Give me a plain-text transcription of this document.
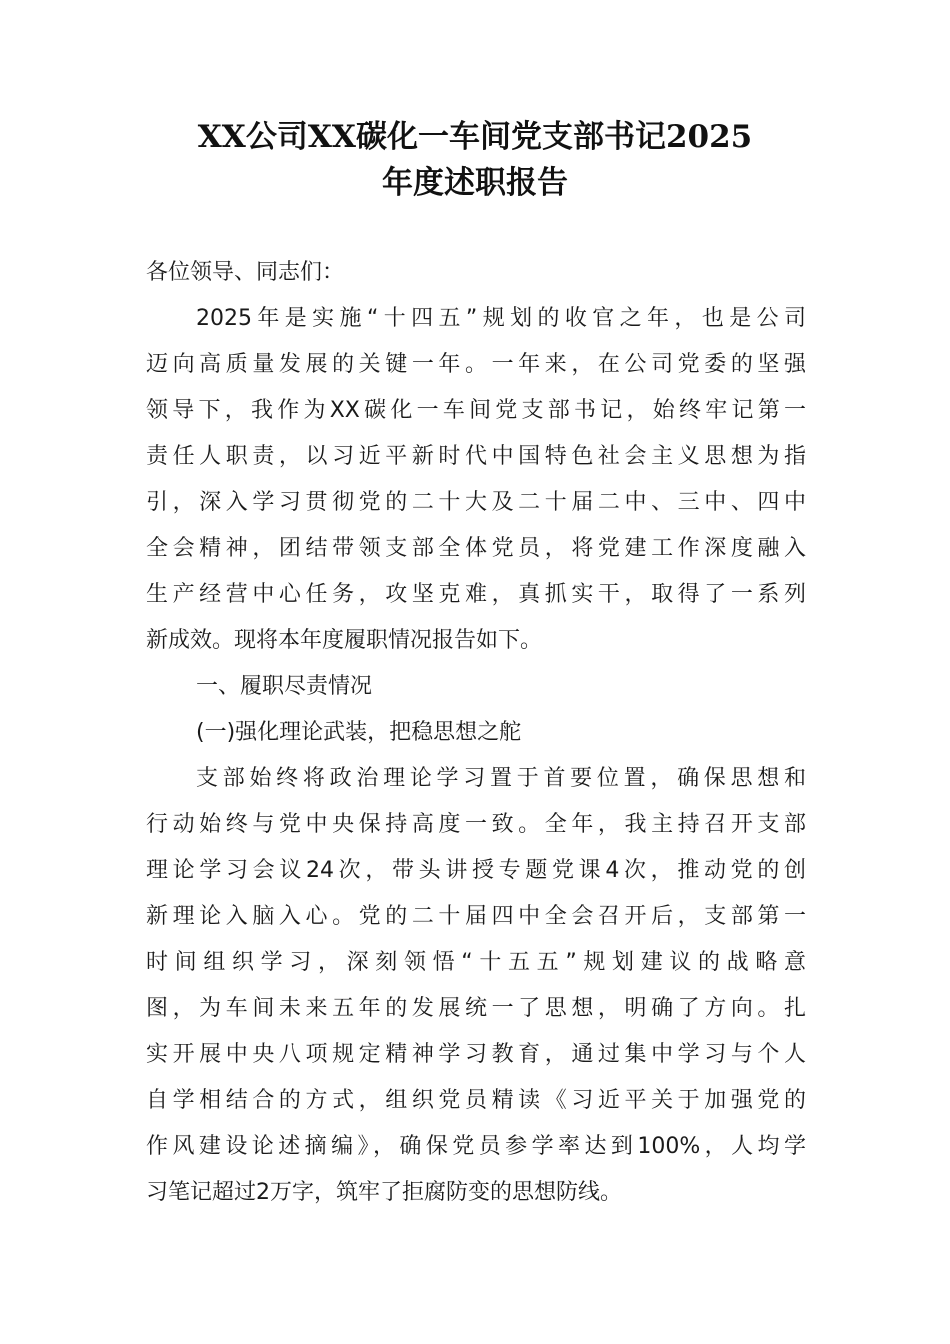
XX公司XX碳化一车间党支部书记2025
年度述职报告
各位领导、同志们：
2025年是实施“十四五”规划的收官之年，也是公司
迈向高质量发展的关键一年。一年来，在公司党委的坚强
领导下，我作为XX碳化一车间党支部书记，始终牢记第一
责任人职责，以习近平新时代中国特色社会主义思想为指
引，深入学习贯彻党的二十大及二十届二中、三中、四中
全会精神，团结带领支部全体党员，将党建工作深度融入
生产经营中心任务，攻坚克难，真抓实干，取得了一系列
新成效。现将本年度履职情况报告如下。
一、履职尽责情况
(一)强化理论武装，把稳思想之舵
支部始终将政治理论学习置于首要位置，确保思想和
行动始终与党中央保持高度一致。全年，我主持召开支部
理论学习会议24次，带头讲授专题党课4次，推动党的创
新理论入脑入心。党的二十届四中全会召开后，支部第一
时间组织学习，深刻领悟“十五五”规划建议的战略意
图，为车间未来五年的发展统一了思想，明确了方向。扎
实开展中央八项规定精神学习教育，通过集中学习与个人
自学相结合的方式，组织党员精读《习近平关于加强党的
作风建设论述摘编》，确保党员参学率达到100%，人均学
习笔记超过2万字，筑牢了拒腐防变的思想防线。
